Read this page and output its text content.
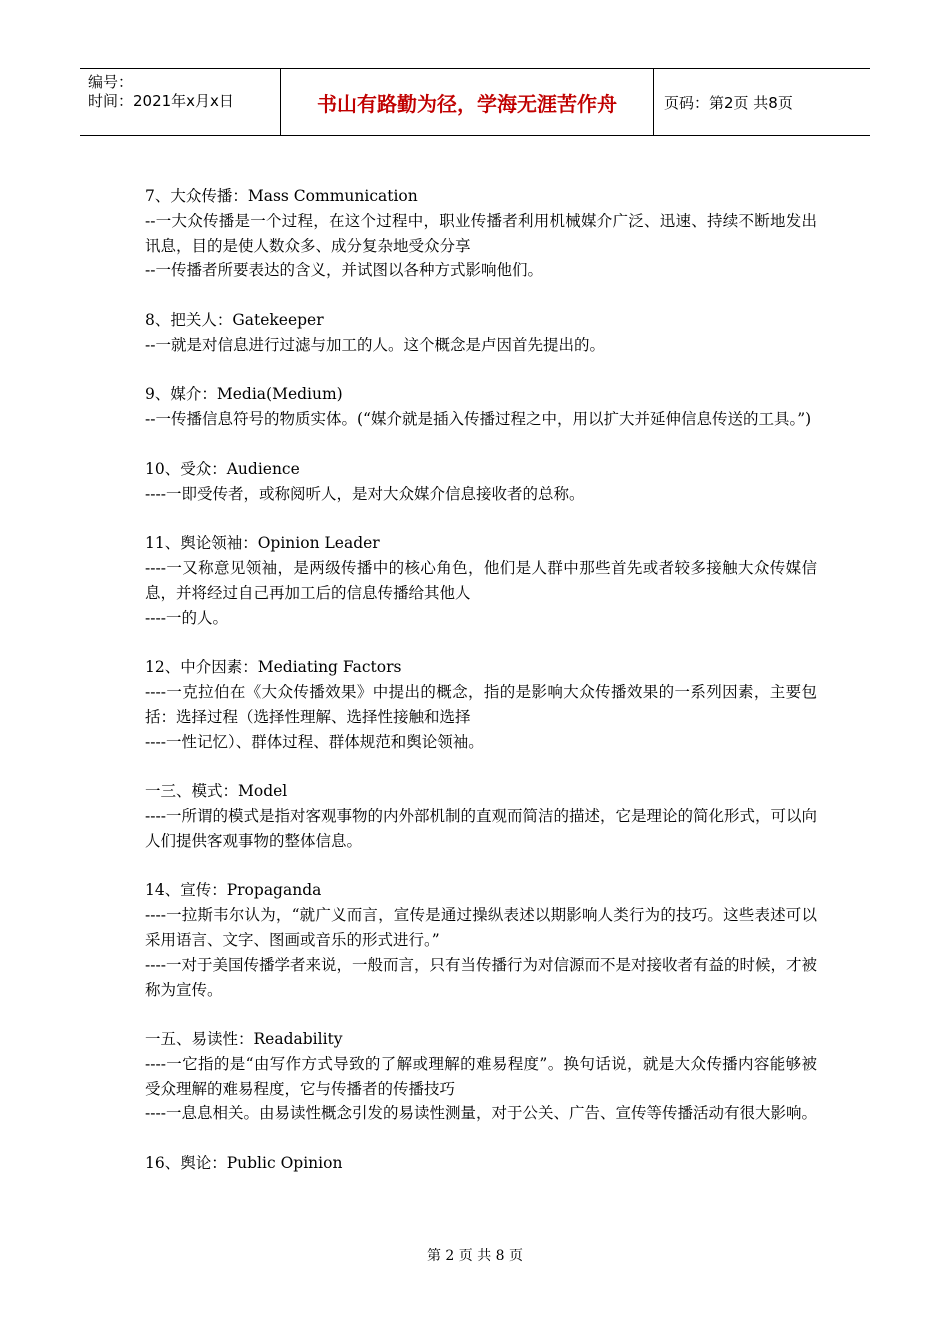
编号：
时间：2021年x月x日	书山有路勤为径，学海无涯苦作舟	页码：第2页 共8页

7、大众传播：Mass Communication

--一大众传播是一个过程，在这个过程中，职业传播者利用机械媒介广泛、迅速、持续不断地发出讯息，目的是使人数众多、成分复杂地受众分享

--一传播者所要表达的含义，并试图以各种方式影响他们。

8、把关人：Gatekeeper

--一就是对信息进行过滤与加工的人。这个概念是卢因首先提出的。

9、媒介：Media(Medium)

--一传播信息符号的物质实体。(“媒介就是插入传播过程之中，用以扩大并延伸信息传送的工具。”)

10、受众：Audience

----一即受传者，或称阅听人，是对大众媒介信息接收者的总称。

11、舆论领袖：Opinion Leader

----一又称意见领袖，是两级传播中的核心角色，他们是人群中那些首先或者较多接触大众传媒信息，并将经过自己再加工后的信息传播给其他人

----一的人。

12、中介因素：Mediating Factors

----一克拉伯在《大众传播效果》中提出的概念，指的是影响大众传播效果的一系列因素，主要包括：选择过程（选择性理解、选择性接触和选择

----一性记忆）、群体过程、群体规范和舆论领袖。

一三、模式：Model

----一所谓的模式是指对客观事物的内外部机制的直观而简洁的描述，它是理论的简化形式，可以向人们提供客观事物的整体信息。

14、宣传：Propaganda

----一拉斯韦尔认为，“就广义而言，宣传是通过操纵表述以期影响人类行为的技巧。这些表述可以采用语言、文字、图画或音乐的形式进行。”

----一对于美国传播学者来说，一般而言，只有当传播行为对信源而不是对接收者有益的时候，才被称为宣传。

一五、易读性：Readability

----一它指的是“由写作方式导致的了解或理解的难易程度”。换句话说，就是大众传播内容能够被受众理解的难易程度，它与传播者的传播技巧

----一息息相关。由易读性概念引发的易读性测量，对于公关、广告、宣传等传播活动有很大影响。

16、舆论：Public Opinion

第 2 页 共 8 页
